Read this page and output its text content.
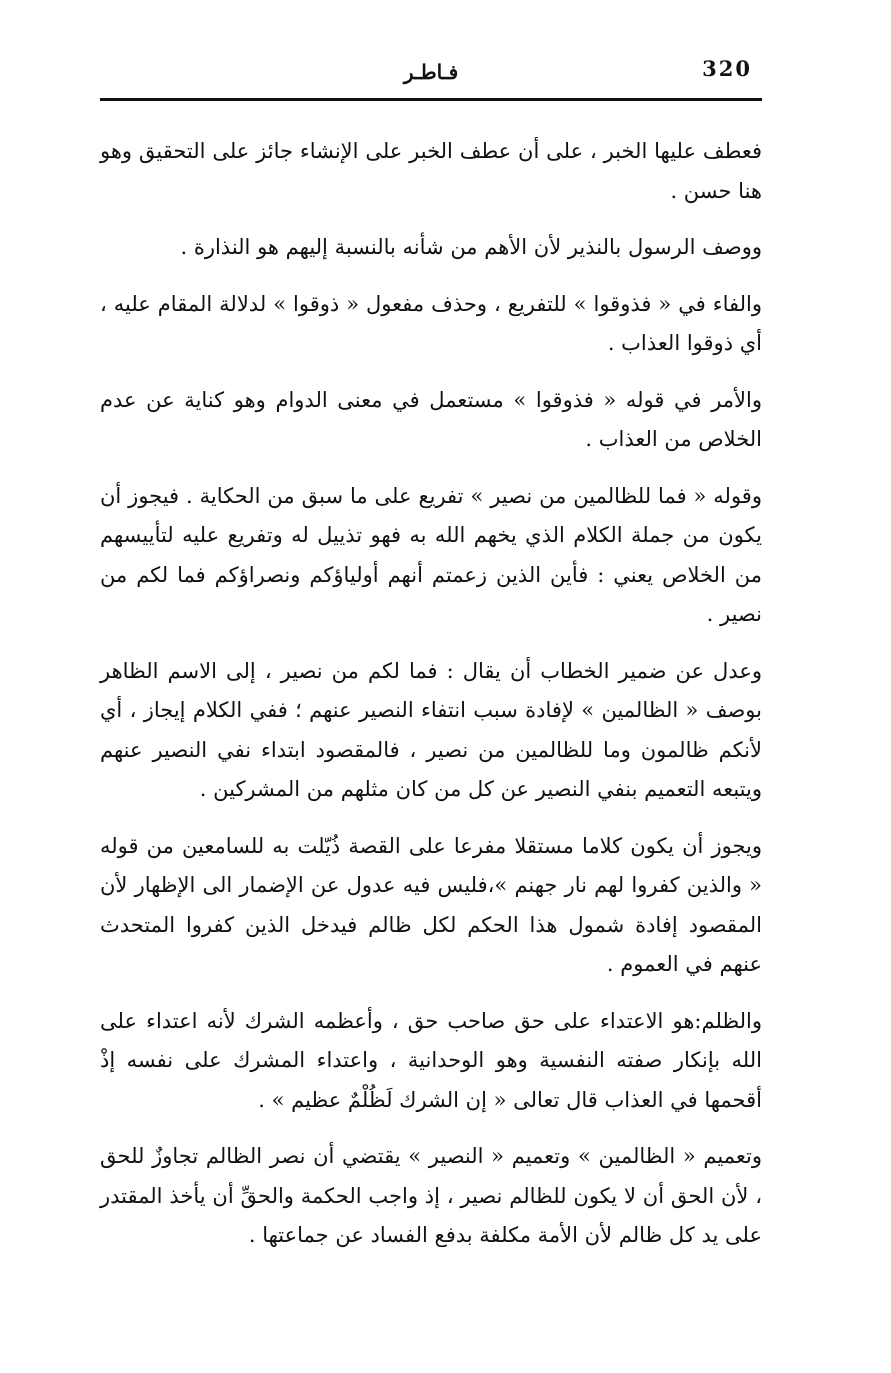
320
فـاطـر

فعطف عليها الخبر ، على أن عطف الخبر على الإنشاء جائز على التحقيق وهو هنا حسن .

ووصف الرسول بالنذير لأن الأهم من شأنه بالنسبة إليهم هو النذارة .

والفاء في « فذوقوا » للتفريع ، وحذف مفعول « ذوقوا » لدلالة المقام عليه ، أي ذوقوا العذاب .

والأمر في قوله « فذوقوا » مستعمل في معنى الدوام وهو كناية عن عدم الخلاص من العذاب .

وقوله « فما للظالمين من نصير » تفريع على ما سبق من الحكاية . فيجوز أن يكون من جملة الكلام الذي يخهم الله به فهو تذييل له وتفريع عليه لتأييسهم من الخلاص يعني : فأين الذين زعمتم أنهم أولياؤكم ونصراؤكم فما لكم من نصير .

وعدل عن ضمير الخطاب أن يقال : فما لكم من نصير ، إلى الاسم الظاهر بوصف « الظالمين » لإفادة سبب انتفاء النصير عنهم ؛ ففي الكلام إيجاز ، أي لأنكم ظالمون وما للظالمين من نصير ، فالمقصود ابتداء نفي النصير عنهم ويتبعه التعميم بنفي النصير عن كل من كان مثلهم من المشركين .

ويجوز أن يكون كلاما مستقلا مفرعا على القصة ذُيّلت به للسامعين من قوله « والذين كفروا لهم نار جهنم »،فليس فيه عدول عن الإضمار الى الإظهار لأن المقصود إفادة شمول هذا الحكم لكل ظالم فيدخل الذين كفروا المتحدث عنهم في العموم .

والظلم:هو الاعتداء على حق صاحب حق ، وأعظمه الشرك لأنه اعتداء على الله بإنكار صفته النفسية وهو الوحدانية ، واعتداء المشرك على نفسه إذْ أقحمها في العذاب قال تعالى « إن الشرك لَظُلْمٌ عظيم » .

وتعميم « الظالمين » وتعميم « النصير » يقتضي أن نصر الظالم تجاوزٌ للحق ، لأن الحق أن لا يكون للظالم نصير ، إذ واجب الحكمة والحقِّ أن يأخذ المقتدر على يد كل ظالم لأن الأمة مكلفة بدفع الفساد عن جماعتها .
